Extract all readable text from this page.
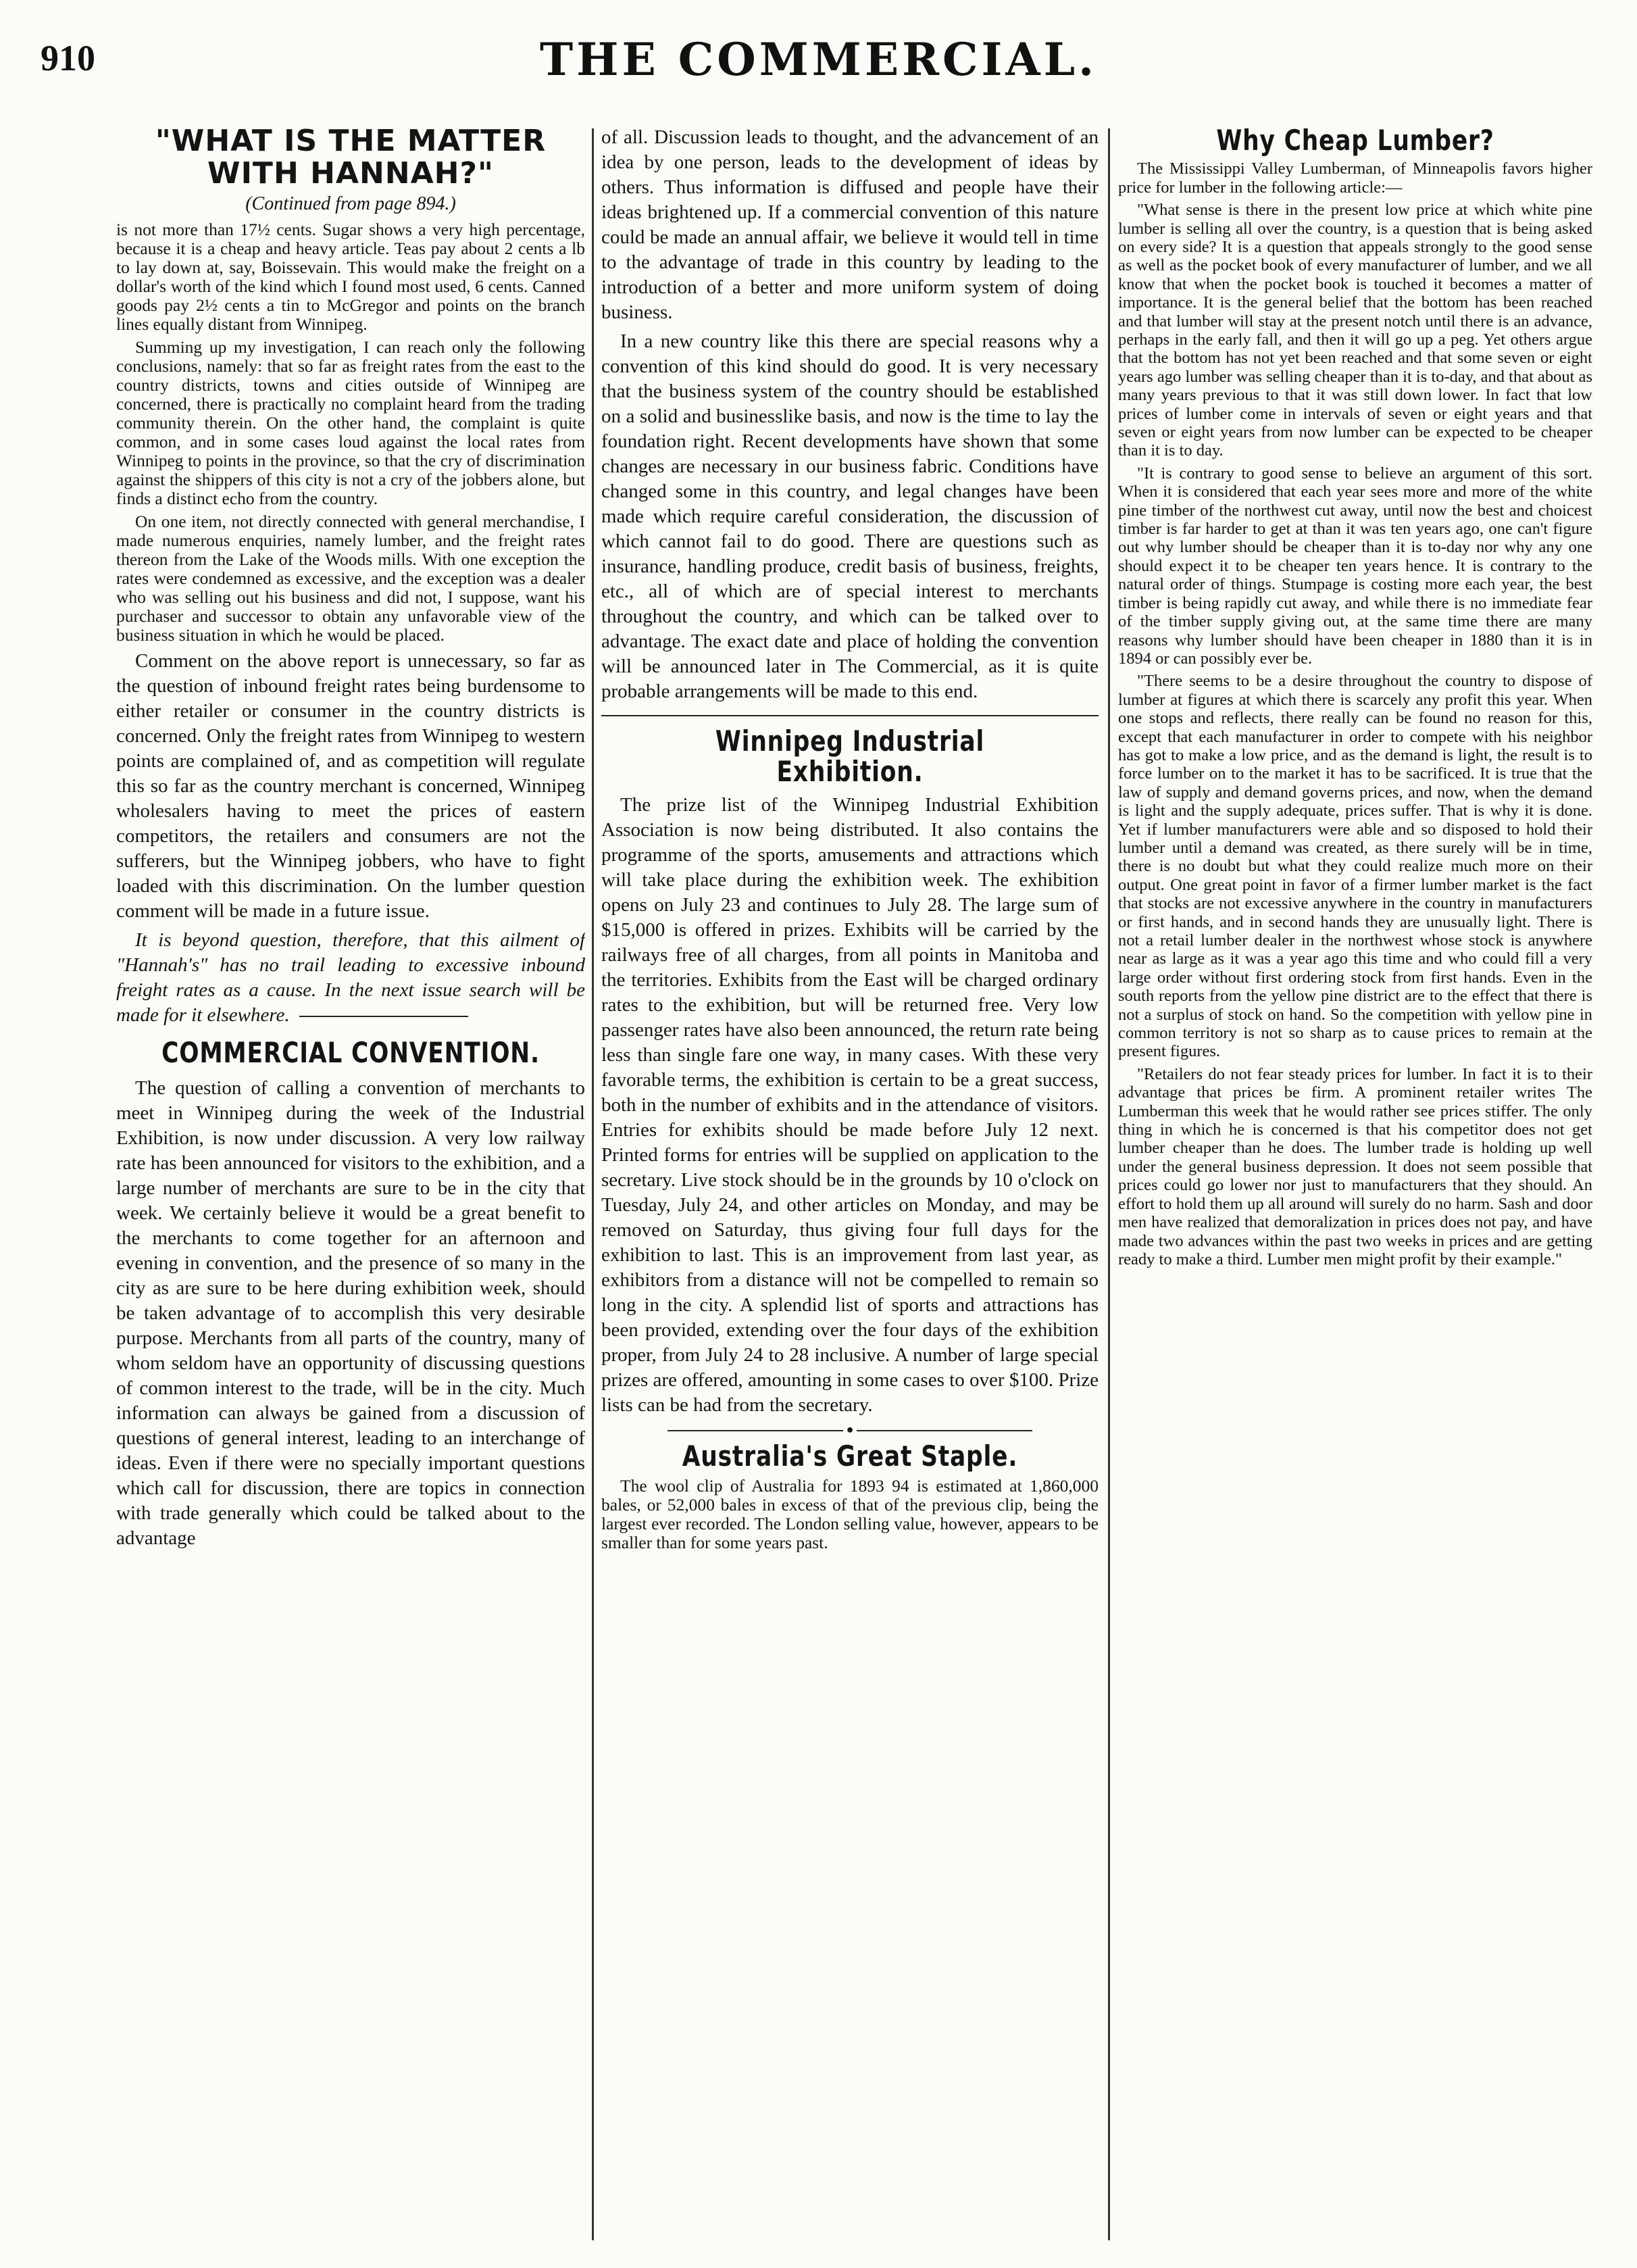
910	THE COMMERCIAL.
"WHAT IS THE MATTER WITH HANNAH?"
(Continued from page 894.)

is not more than 17½ cents. Sugar shows a very high percentage, because it is a cheap and heavy article. Teas pay about 2 cents a lb to lay down at, say, Boissevain. This would make the freight on a dollar's worth of the kind which I found most used, 6 cents. Canned goods pay 2½ cents a tin to McGregor and points on the branch lines equally distant from Winnipeg.

Summing up my investigation, I can reach only the following conclusions, namely: that so far as freight rates from the east to the country districts, towns and cities outside of Winnipeg are concerned, there is practically no complaint heard from the trading community therein. On the other hand, the complaint is quite common, and in some cases loud against the local rates from Winnipeg to points in the province, so that the cry of discrimination against the shippers of this city is not a cry of the jobbers alone, but finds a distinct echo from the country.

On one item, not directly connected with general merchandise, I made numerous enquiries, namely lumber, and the freight rates thereon from the Lake of the Woods mills. With one exception the rates were condemned as excessive, and the exception was a dealer who was selling out his business and did not, I suppose, want his purchaser and successor to obtain any unfavorable view of the business situation in which he would be placed.

Comment on the above report is unnecessary, so far as the question of inbound freight rates being burdensome to either retailer or consumer in the country districts is concerned. Only the freight rates from Winnipeg to western points are complained of, and as competition will regulate this so far as the country merchant is concerned, Winnipeg wholesalers having to meet the prices of eastern competitors, the retailers and consumers are not the sufferers, but the Winnipeg jobbers, who have to fight loaded with this discrimination. On the lumber question comment will be made in a future issue.

It is beyond question, therefore, that this ailment of "Hannah's" has no trail leading to excessive inbound freight rates as a cause. In the next issue search will be made for it elsewhere.

COMMERCIAL CONVENTION.

The question of calling a convention of merchants to meet in Winnipeg during the week of the Industrial Exhibition, is now under discussion. A very low railway rate has been announced for visitors to the exhibition, and a large number of merchants are sure to be in the city that week. We certainly believe it would be a great benefit to the merchants to come together for an afternoon and evening in convention, and the presence of so many in the city as are sure to be here during exhibition week, should be taken advantage of to accomplish this very desirable purpose. Merchants from all parts of the country, many of whom seldom have an opportunity of discussing questions of common interest to the trade, will be in the city. Much information can always be gained from a discussion of questions of general interest, leading to an interchange of ideas. Even if there were no specially important questions which call for discussion, there are topics in connection with trade generally which could be talked about to the advantage

of all. Discussion leads to thought, and the advancement of an idea by one person, leads to the development of ideas by others. Thus information is diffused and people have their ideas brightened up. If a commercial convention of this nature could be made an annual affair, we believe it would tell in time to the advantage of trade in this country by leading to the introduction of a better and more uniform system of doing business.

In a new country like this there are special reasons why a convention of this kind should do good. It is very necessary that the business system of the country should be established on a solid and businesslike basis, and now is the time to lay the foundation right. Recent developments have shown that some changes are necessary in our business fabric. Conditions have changed some in this country, and legal changes have been made which require careful consideration, the discussion of which cannot fail to do good. There are questions such as insurance, handling produce, credit basis of business, freights, etc., all of which are of special interest to merchants throughout the country, and which can be talked over to advantage. The exact date and place of holding the convention will be announced later in The Commercial, as it is quite probable arrangements will be made to this end.

Winnipeg Industrial Exhibition.

The prize list of the Winnipeg Industrial Exhibition Association is now being distributed. It also contains the programme of the sports, amusements and attractions which will take place during the exhibition week. The exhibition opens on July 23 and continues to July 28. The large sum of $15,000 is offered in prizes. Exhibits will be carried by the railways free of all charges, from all points in Manitoba and the territories. Exhibits from the East will be charged ordinary rates to the exhibition, but will be returned free. Very low passenger rates have also been announced, the return rate being less than single fare one way, in many cases. With these very favorable terms, the exhibition is certain to be a great success, both in the number of exhibits and in the attendance of visitors. Entries for exhibits should be made before July 12 next. Printed forms for entries will be supplied on application to the secretary. Live stock should be in the grounds by 10 o'clock on Tuesday, July 24, and other articles on Monday, and may be removed on Saturday, thus giving four full days for the exhibition to last. This is an improvement from last year, as exhibitors from a distance will not be compelled to remain so long in the city. A splendid list of sports and attractions has been provided, extending over the four days of the exhibition proper, from July 24 to 28 inclusive. A number of large special prizes are offered, amounting in some cases to over $100. Prize lists can be had from the secretary.

●
Australia's Great Staple.

The wool clip of Australia for 1893 94 is estimated at 1,860,000 bales, or 52,000 bales in excess of that of the previous clip, being the largest ever recorded. The London selling value, however, appears to be smaller than for some years past.

Why Cheap Lumber?

The Mississippi Valley Lumberman, of Minneapolis favors higher price for lumber in the following article:—

"What sense is there in the present low price at which white pine lumber is selling all over the country, is a question that is being asked on every side? It is a question that appeals strongly to the good sense as well as the pocket book of every manufacturer of lumber, and we all know that when the pocket book is touched it becomes a matter of importance. It is the general belief that the bottom has been reached and that lumber will stay at the present notch until there is an advance, perhaps in the early fall, and then it will go up a peg. Yet others argue that the bottom has not yet been reached and that some seven or eight years ago lumber was selling cheaper than it is to-day, and that about as many years previous to that it was still down lower. In fact that low prices of lumber come in intervals of seven or eight years and that seven or eight years from now lumber can be expected to be cheaper than it is to day.

"It is contrary to good sense to believe an argument of this sort. When it is considered that each year sees more and more of the white pine timber of the northwest cut away, until now the best and choicest timber is far harder to get at than it was ten years ago, one can't figure out why lumber should be cheaper than it is to-day nor why any one should expect it to be cheaper ten years hence. It is contrary to the natural order of things. Stumpage is costing more each year, the best timber is being rapidly cut away, and while there is no immediate fear of the timber supply giving out, at the same time there are many reasons why lumber should have been cheaper in 1880 than it is in 1894 or can possibly ever be.

"There seems to be a desire throughout the country to dispose of lumber at figures at which there is scarcely any profit this year. When one stops and reflects, there really can be found no reason for this, except that each manufacturer in order to compete with his neighbor has got to make a low price, and as the demand is light, the result is to force lumber on to the market it has to be sacrificed. It is true that the law of supply and demand governs prices, and now, when the demand is light and the supply adequate, prices suffer. That is why it is done. Yet if lumber manufacturers were able and so disposed to hold their lumber until a demand was created, as there surely will be in time, there is no doubt but what they could realize much more on their output. One great point in favor of a firmer lumber market is the fact that stocks are not excessive anywhere in the country in manufacturers or first hands, and in second hands they are unusually light. There is not a retail lumber dealer in the northwest whose stock is anywhere near as large as it was a year ago this time and who could fill a very large order without first ordering stock from first hands. Even in the south reports from the yellow pine district are to the effect that there is not a surplus of stock on hand. So the competition with yellow pine in common territory is not so sharp as to cause prices to remain at the present figures.

"Retailers do not fear steady prices for lumber. In fact it is to their advantage that prices be firm. A prominent retailer writes The Lumberman this week that he would rather see prices stiffer. The only thing in which he is concerned is that his competitor does not get lumber cheaper than he does. The lumber trade is holding up well under the general business depression. It does not seem possible that prices could go lower nor just to manufacturers that they should. An effort to hold them up all around will surely do no harm. Sash and door men have realized that demoralization in prices does not pay, and have made two advances within the past two weeks in prices and are getting ready to make a third. Lumber men might profit by their example."
